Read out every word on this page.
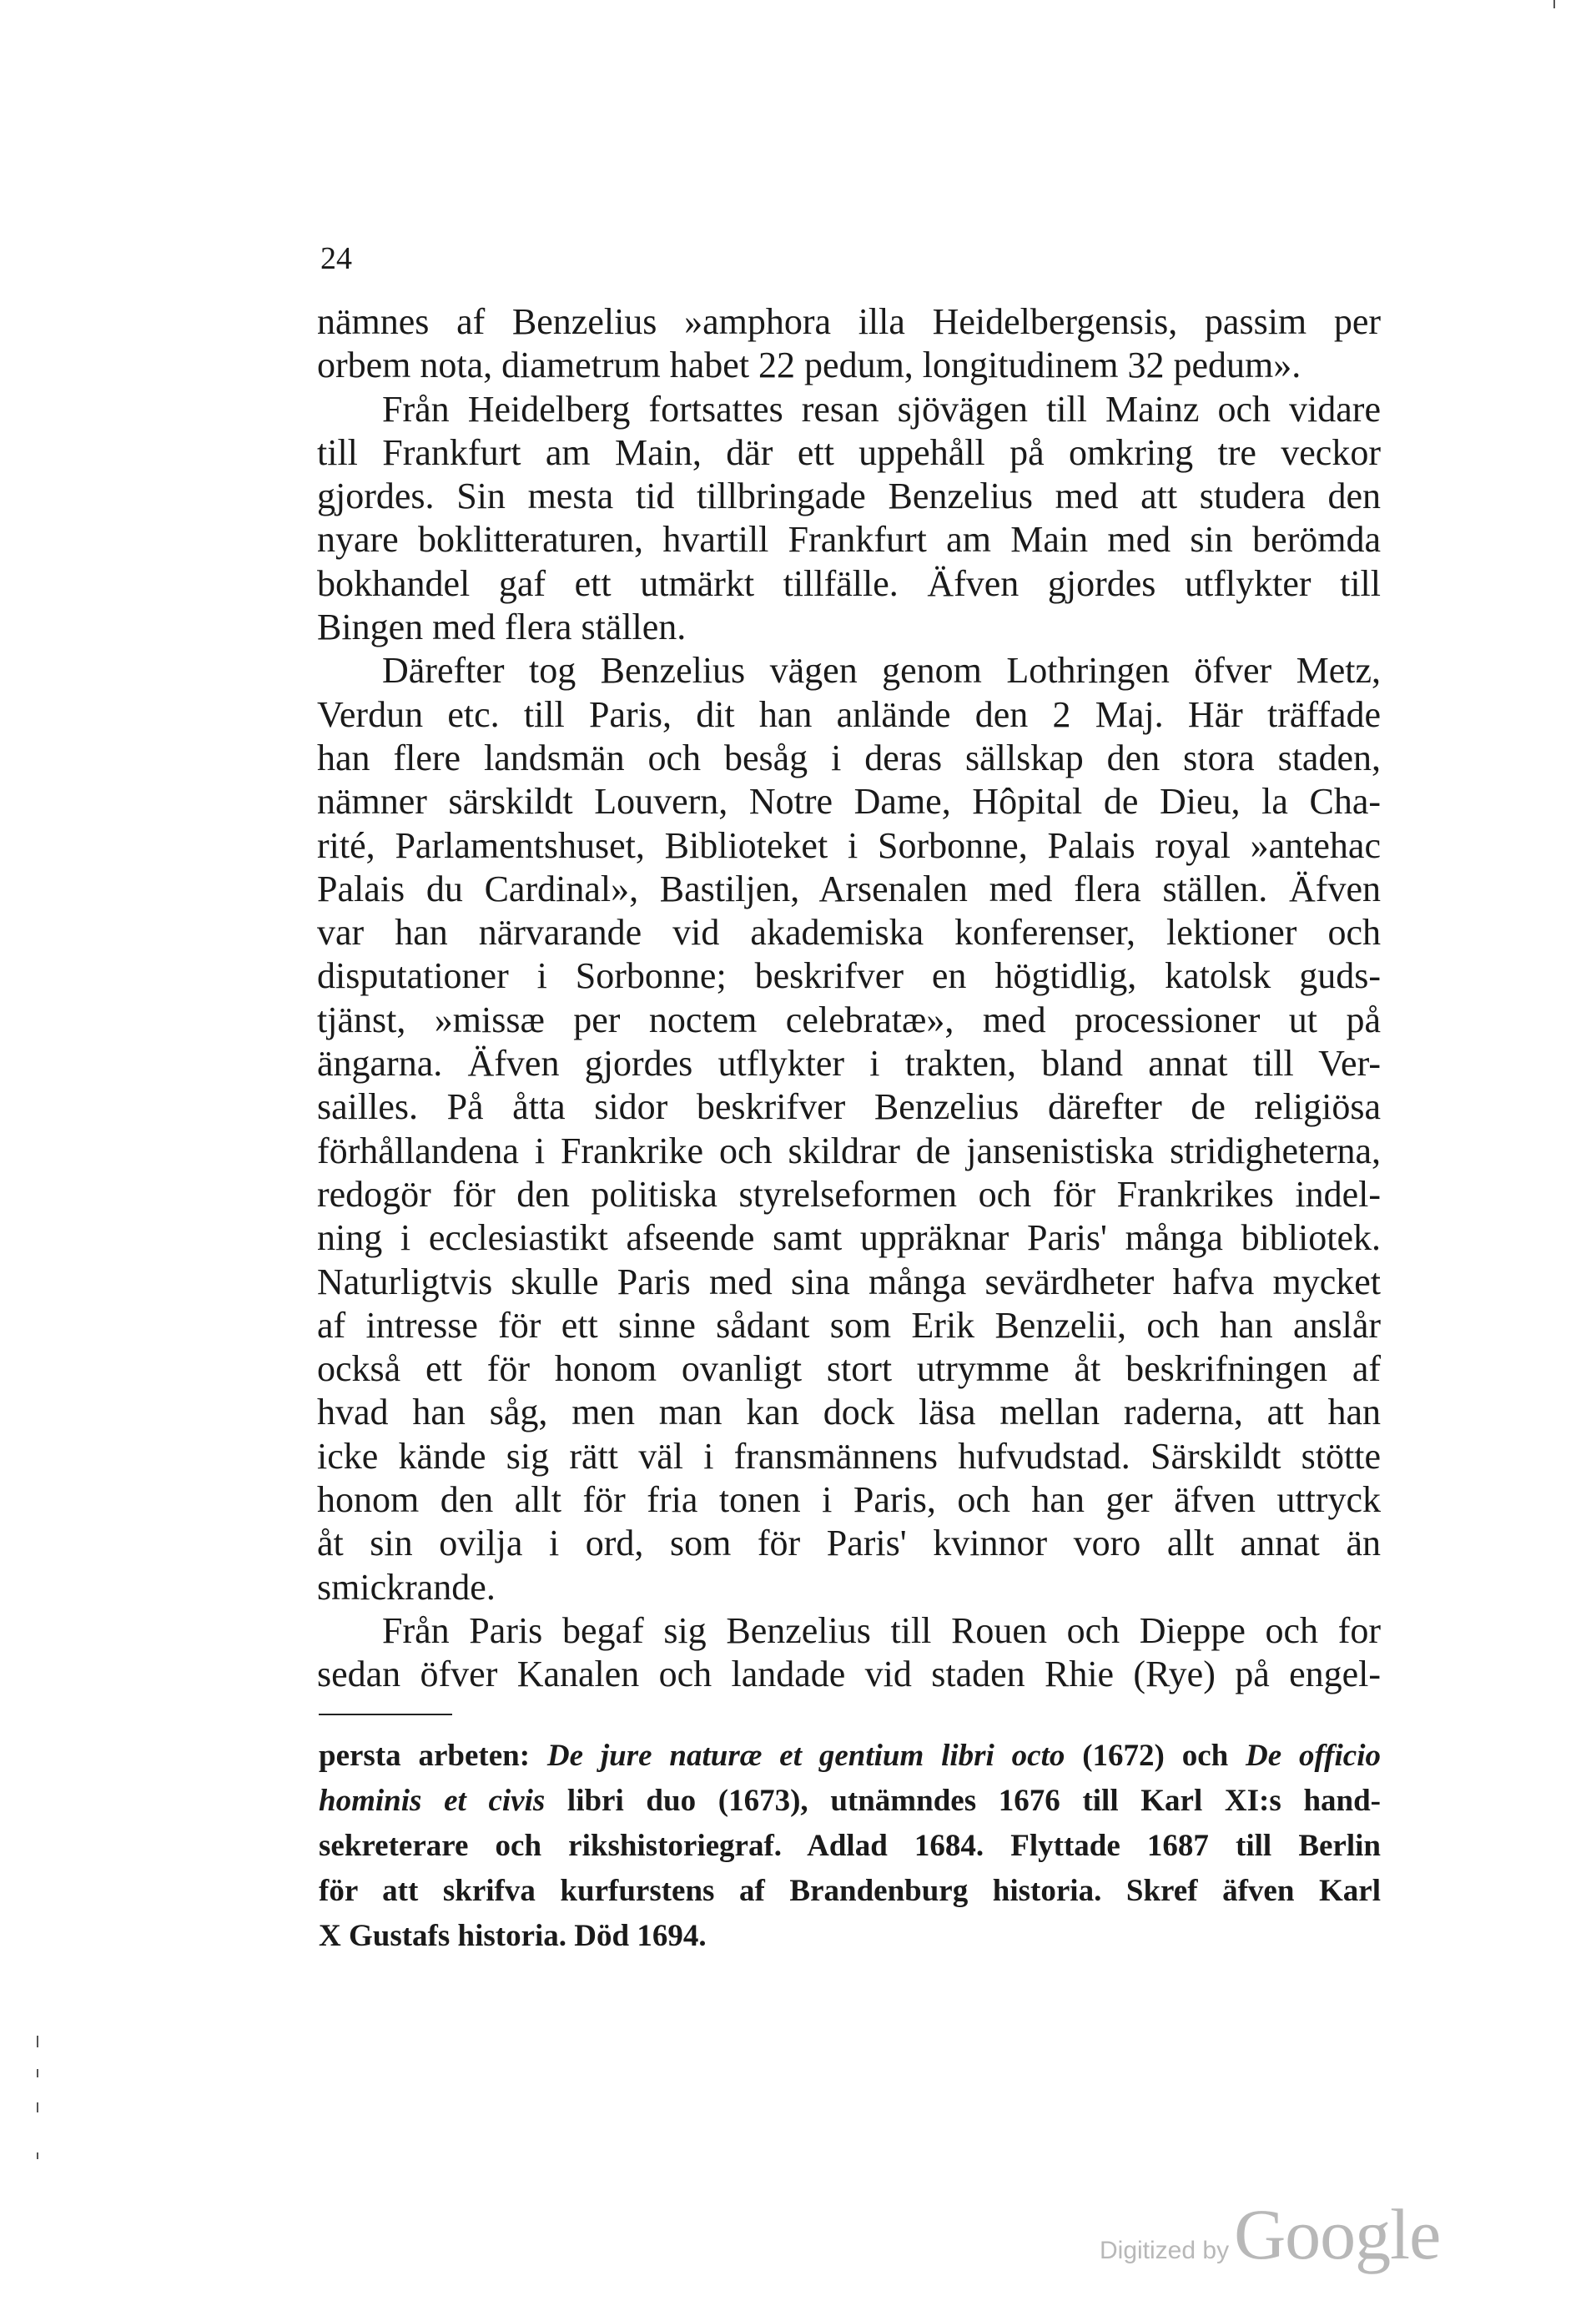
24
nämnes af Benzelius »amphora illa Heidelbergensis, passim per
orbem nota, diametrum habet 22 pedum, longitudinem 32 pedum».
Från Heidelberg fortsattes resan sjövägen till Mainz och vidare
till Frankfurt am Main, där ett uppehåll på omkring tre veckor
gjordes. Sin mesta tid tillbringade Benzelius med att studera den
nyare boklitteraturen, hvartill Frankfurt am Main med sin berömda
bokhandel gaf ett utmärkt tillfälle. Äfven gjordes utflykter till
Bingen med flera ställen.
Därefter tog Benzelius vägen genom Lothringen öfver Metz,
Verdun etc. till Paris, dit han anlände den 2 Maj. Här träffade
han flere landsmän och besåg i deras sällskap den stora staden,
nämner särskildt Louvern, Notre Dame, Hôpital de Dieu, la Cha-
rité, Parlamentshuset, Biblioteket i Sorbonne, Palais royal »antehac
Palais du Cardinal», Bastiljen, Arsenalen med flera ställen. Äfven
var han närvarande vid akademiska konferenser, lektioner och
disputationer i Sorbonne; beskrifver en högtidlig, katolsk guds-
tjänst, »missæ per noctem celebratæ», med processioner ut på
ängarna. Äfven gjordes utflykter i trakten, bland annat till Ver-
sailles. På åtta sidor beskrifver Benzelius därefter de religiösa
förhållandena i Frankrike och skildrar de jansenistiska stridigheterna,
redogör för den politiska styrelseformen och för Frankrikes indel-
ning i ecclesiastikt afseende samt uppräknar Paris' många bibliotek.
Naturligtvis skulle Paris med sina många sevärdheter hafva mycket
af intresse för ett sinne sådant som Erik Benzelii, och han anslår
också ett för honom ovanligt stort utrymme åt beskrifningen af
hvad han såg, men man kan dock läsa mellan raderna, att han
icke kände sig rätt väl i fransmännens hufvudstad. Särskildt stötte
honom den allt för fria tonen i Paris, och han ger äfven uttryck
åt sin ovilja i ord, som för Paris' kvinnor voro allt annat än
smickrande.
Från Paris begaf sig Benzelius till Rouen och Dieppe och for
sedan öfver Kanalen och landade vid staden Rhie (Rye) på engel-
persta arbeten: De jure naturæ et gentium libri octo (1672) och De officio
hominis et civis libri duo (1673), utnämndes 1676 till Karl XI:s hand-
sekreterare och rikshistoriegraf. Adlad 1684. Flyttade 1687 till Berlin
för att skrifva kurfurstens af Brandenburg historia. Skref äfven Karl
X Gustafs historia. Död 1694.
Digitized by Google
